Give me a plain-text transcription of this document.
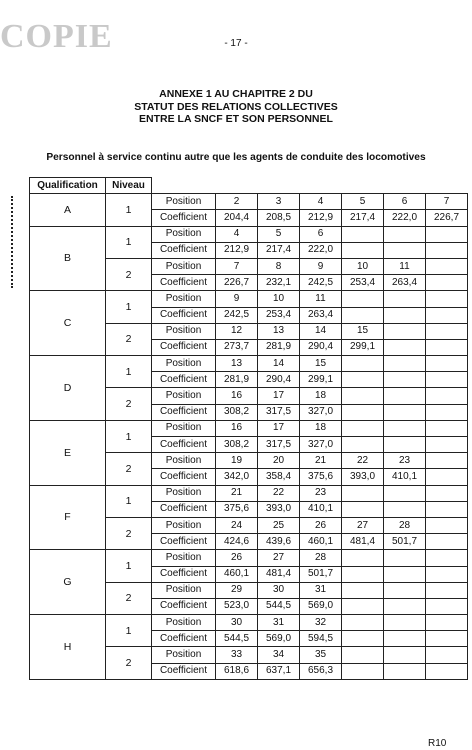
COPIE	- 17 -
ANNEXE 1 AU CHAPITRE 2 DU
STATUT DES RELATIONS COLLECTIVES
ENTRE LA SNCF ET SON PERSONNEL
Personnel à service continu autre que les agents de conduite des locomotives
Qualification	Niveau							
A	1	Position	2	3	4	5	6	7
		Coefficient	204,4	208,5	212,9	217,4	222,0	226,7
B	1	Position	4	5	6			
		Coefficient	212,9	217,4	222,0			
	2	Position	7	8	9	10	11	
		Coefficient	226,7	232,1	242,5	253,4	263,4	
C	1	Position	9	10	11			
		Coefficient	242,5	253,4	263,4			
	2	Position	12	13	14	15		
		Coefficient	273,7	281,9	290,4	299,1		
D	1	Position	13	14	15			
		Coefficient	281,9	290,4	299,1			
	2	Position	16	17	18			
		Coefficient	308,2	317,5	327,0			
E	1	Position	16	17	18			
		Coefficient	308,2	317,5	327,0			
	2	Position	19	20	21	22	23	
		Coefficient	342,0	358,4	375,6	393,0	410,1	
F	1	Position	21	22	23			
		Coefficient	375,6	393,0	410,1			
	2	Position	24	25	26	27	28	
		Coefficient	424,6	439,6	460,1	481,4	501,7	
G	1	Position	26	27	28			
		Coefficient	460,1	481,4	501,7			
	2	Position	29	30	31			
		Coefficient	523,0	544,5	569,0			
H	1	Position	30	31	32			
		Coefficient	544,5	569,0	594,5			
	2	Position	33	34	35			
		Coefficient	618,6	637,1	656,3			
R10
